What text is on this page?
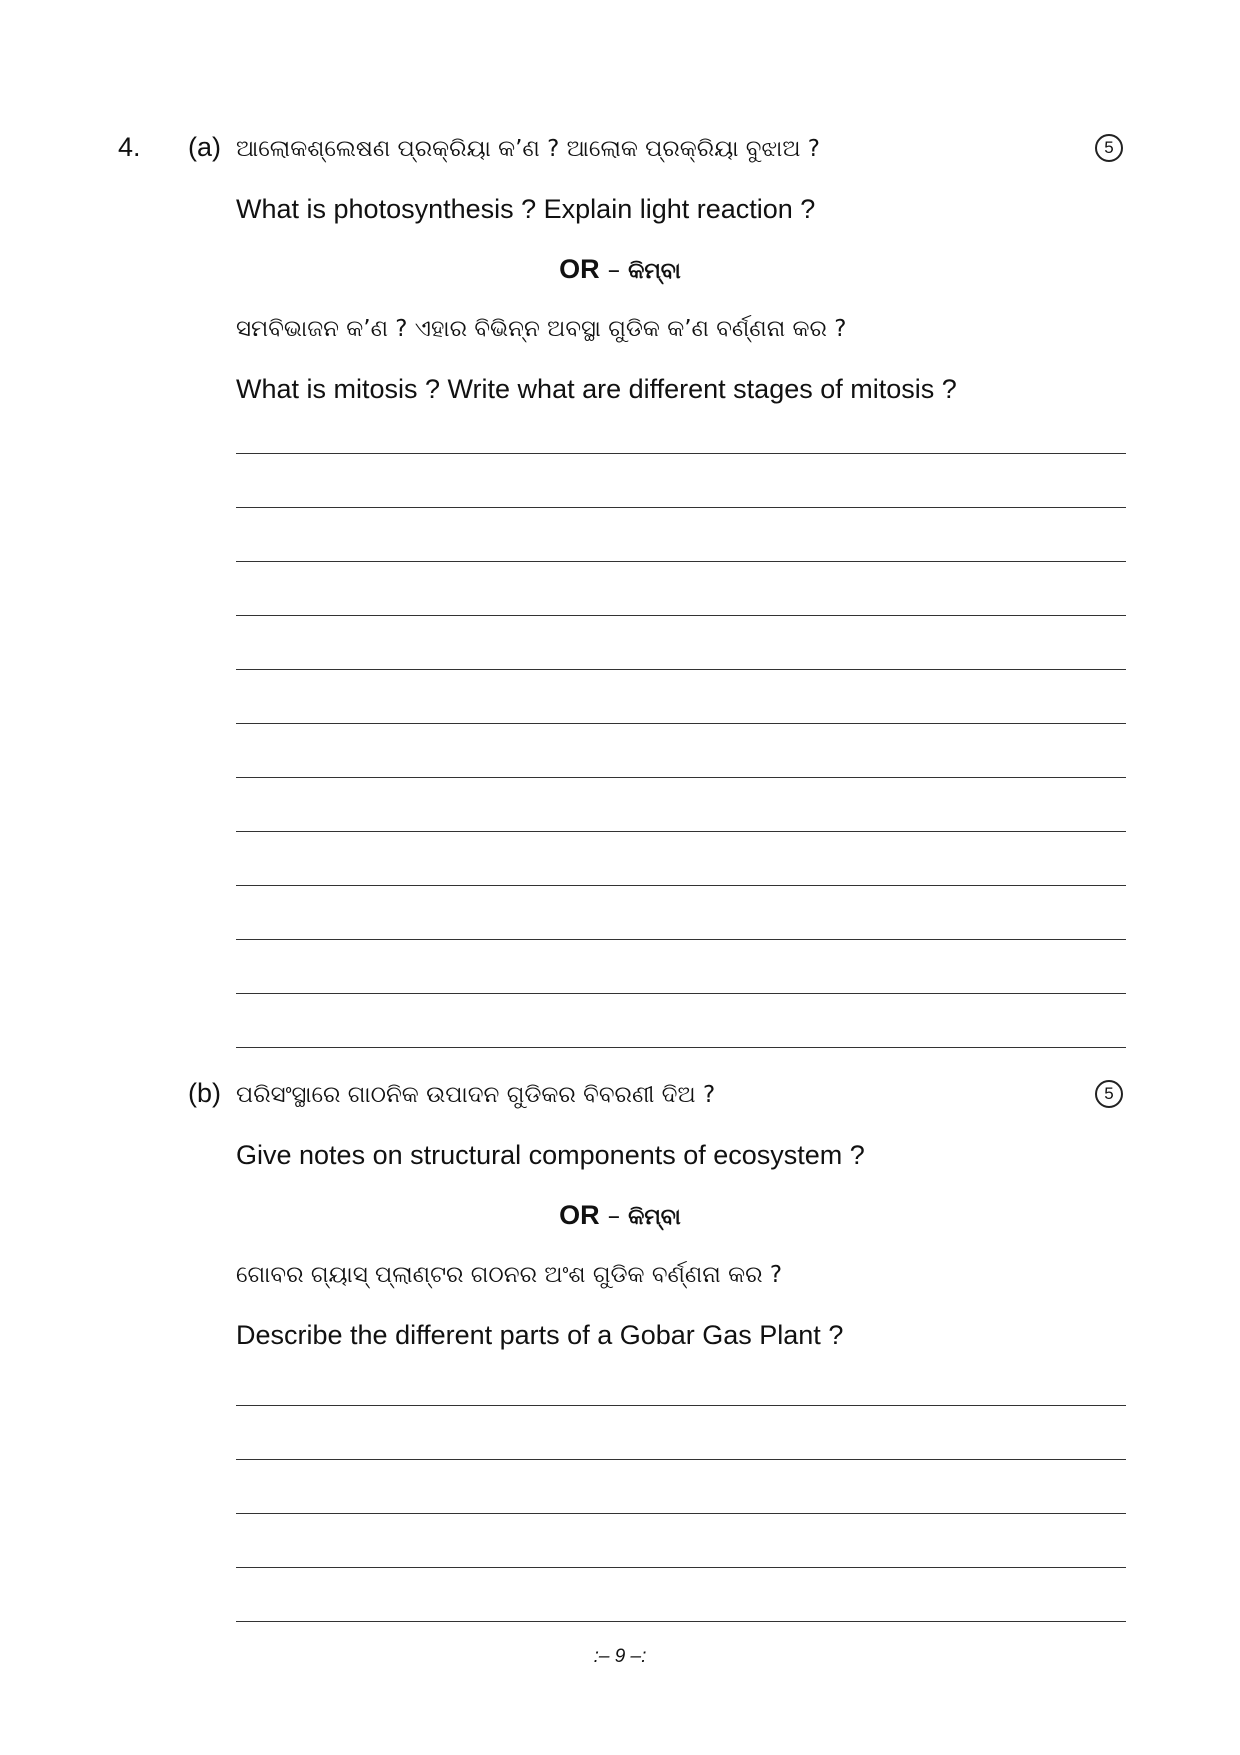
4. (a) ଆଲୋକଶ୍ଲେଷଣ ପ୍ରକ୍ରିୟା କ’ଣ ? ଆଲୋକ ପ୍ରକ୍ରିୟା ବୁଝାଅ ?	5
What is photosynthesis ? Explain light reaction ?
OR – କିମ୍ବା
ସମବିଭାଜନ କ’ଣ ? ଏହାର ବିଭିନ୍ନ ଅବସ୍ଥା ଗୁଡିକ କ’ଣ ବର୍ଣ୍ଣନା କର ?
What is mitosis ? Write what are different stages of mitosis ?
(b) ପରିସଂସ୍ଥାରେ ଗାଠନିକ ଉପାଦନ ଗୁଡିକର ବିବରଣୀ ଦିଅ ?	5
Give notes on structural components of ecosystem ?
OR – କିମ୍ବା
ଗୋବର ଗ୍ୟାସ୍ ପ୍ଲାଣ୍ଟର ଗଠନର ଅଂଶ ଗୁଡିକ ବର୍ଣ୍ଣନା କର ?
Describe the different parts of a Gobar Gas Plant ?
:– 9 –:
